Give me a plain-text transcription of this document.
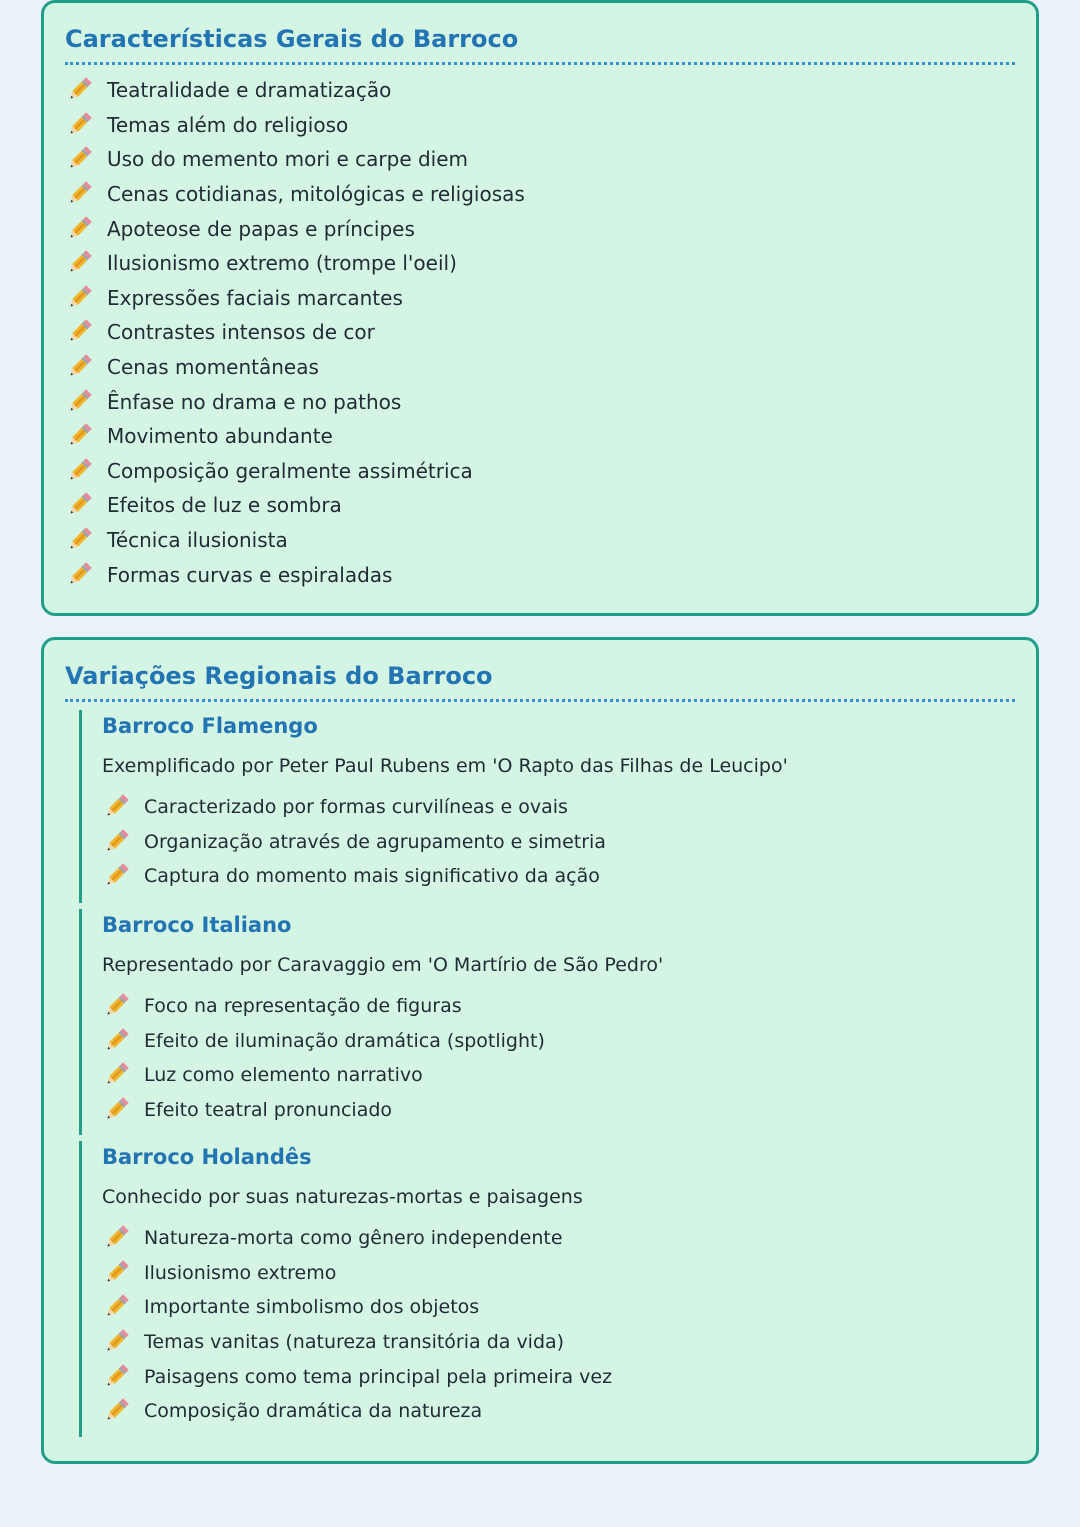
Características Gerais do Barroco
Teatralidade e dramatização
Temas além do religioso
Uso do memento mori e carpe diem
Cenas cotidianas, mitológicas e religiosas
Apoteose de papas e príncipes
Ilusionismo extremo (trompe l'oeil)
Expressões faciais marcantes
Contrastes intensos de cor
Cenas momentâneas
Ênfase no drama e no pathos
Movimento abundante
Composição geralmente assimétrica
Efeitos de luz e sombra
Técnica ilusionista
Formas curvas e espiraladas
Variações Regionais do Barroco
Barroco Flamengo
Exemplificado por Peter Paul Rubens em 'O Rapto das Filhas de Leucipo'
Caracterizado por formas curvilíneas e ovais
Organização através de agrupamento e simetria
Captura do momento mais significativo da ação
Barroco Italiano
Representado por Caravaggio em 'O Martírio de São Pedro'
Foco na representação de figuras
Efeito de iluminação dramática (spotlight)
Luz como elemento narrativo
Efeito teatral pronunciado
Barroco Holandês
Conhecido por suas naturezas-mortas e paisagens
Natureza-morta como gênero independente
Ilusionismo extremo
Importante simbolismo dos objetos
Temas vanitas (natureza transitória da vida)
Paisagens como tema principal pela primeira vez
Composição dramática da natureza
